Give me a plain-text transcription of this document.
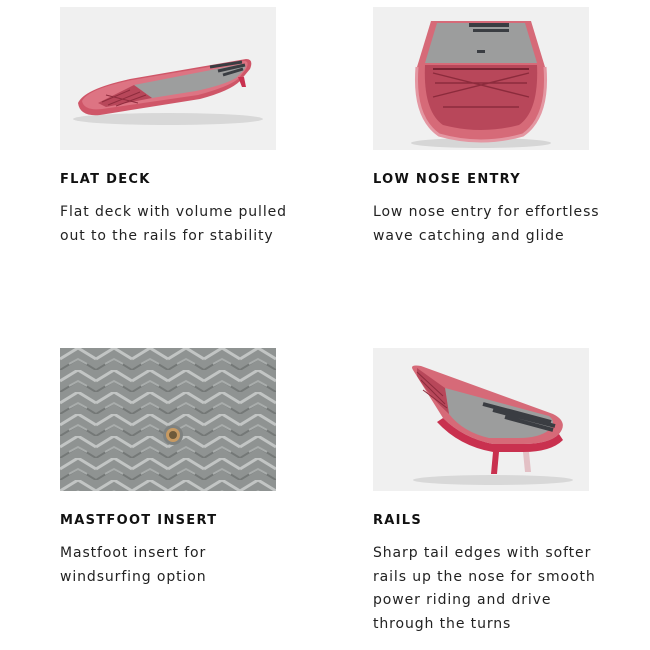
FLAT DECK

Flat deck with volume pulled out to the rails for stability

LOW NOSE ENTRY

Low nose entry for effortless wave catching and glide

MASTFOOT INSERT

Mastfoot insert for windsurfing option

RAILS

Sharp tail edges with softer rails up the nose for smooth power riding and drive through the turns
